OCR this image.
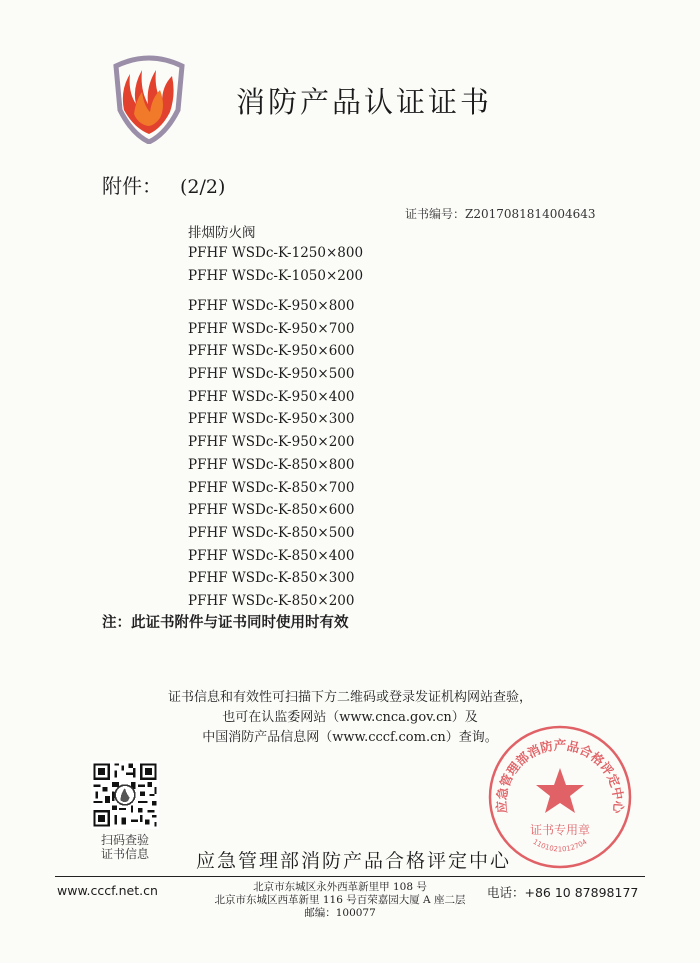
消防产品认证证书
附件： (2/2)
证书编号：Z2017081814004643
排烟防火阀
PFHF WSDc-K-1250×800
PFHF WSDc-K-1050×200
PFHF WSDc-K-950×800
PFHF WSDc-K-950×700
PFHF WSDc-K-950×600
PFHF WSDc-K-950×500
PFHF WSDc-K-950×400
PFHF WSDc-K-950×300
PFHF WSDc-K-950×200
PFHF WSDc-K-850×800
PFHF WSDc-K-850×700
PFHF WSDc-K-850×600
PFHF WSDc-K-850×500
PFHF WSDc-K-850×400
PFHF WSDc-K-850×300
PFHF WSDc-K-850×200
注：此证书附件与证书同时使用时有效
证书信息和有效性可扫描下方二维码或登录发证机构网站查验，
也可在认监委网站（www.cnca.gov.cn）及
中国消防产品信息网（www.cccf.com.cn）查询。
扫码查验
证书信息	应急管理部消防产品合格评定中心
应急管理部消防产品合格评定中心
证书专用章
1101021012704
www.cccf.net.cn	北京市东城区永外西革新里甲 108 号
北京市东城区西革新里 116 号百荣嘉园大厦 A 座二层
邮编：100077
电话：+86 10 87898177
